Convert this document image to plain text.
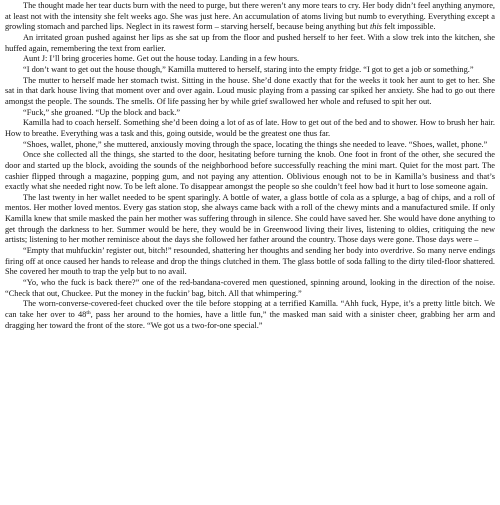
The thought made her tear ducts burn with the need to purge, but there weren’t any more tears to cry. Her body didn’t feel anything anymore, at least not with the intensity she felt weeks ago. She was just here. An accumulation of atoms living but numb to everything. Everything except a growling stomach and parched lips. Neglect in its rawest form – starving herself, because being anything but this felt impossible.

An irritated groan pushed against her lips as she sat up from the floor and pushed herself to her feet. With a slow trek into the kitchen, she huffed again, remembering the text from earlier.

Aunt J: I’ll bring groceries home. Get out the house today. Landing in a few hours.

“I don’t want to get out the house though,” Kamilla muttered to herself, staring into the empty fridge. “I got to get a job or something.”

The mutter to herself made her stomach twist. Sitting in the house. She’d done exactly that for the weeks it took her aunt to get to her. She sat in that dark house living that moment over and over again. Loud music playing from a passing car spiked her anxiety. She had to go out there amongst the people. The sounds. The smells. Of life passing her by while grief swallowed her whole and refused to spit her out.

“Fuck,” she groaned. “Up the block and back.”

Kamilla had to coach herself. Something she’d been doing a lot of as of late. How to get out of the bed and to shower. How to brush her hair. How to breathe. Everything was a task and this, going outside, would be the greatest one thus far.

“Shoes, wallet, phone,” she muttered, anxiously moving through the space, locating the things she needed to leave. “Shoes, wallet, phone.”

Once she collected all the things, she started to the door, hesitating before turning the knob. One foot in front of the other, she secured the door and started up the block, avoiding the sounds of the neighborhood before successfully reaching the mini mart. Quiet for the most part. The cashier flipped through a magazine, popping gum, and not paying any attention. Oblivious enough not to be in Kamilla’s business and that’s exactly what she needed right now. To be left alone. To disappear amongst the people so she couldn’t feel how bad it hurt to lose someone again.

The last twenty in her wallet needed to be spent sparingly. A bottle of water, a glass bottle of cola as a splurge, a bag of chips, and a roll of mentos. Her mother loved mentos. Every gas station stop, she always came back with a roll of the chewy mints and a manufactured smile. If only Kamilla knew that smile masked the pain her mother was suffering through in silence. She could have saved her. She would have done anything to get through the darkness to her. Summer would be here, they would be in Greenwood living their lives, listening to oldies, critiquing the new artists; listening to her mother reminisce about the days she followed her father around the country. Those days were gone. Those days were –

“Empty that muhfuckin’ register out, bitch!” resounded, shattering her thoughts and sending her body into overdrive. So many nerve endings firing off at once caused her hands to release and drop the things clutched in them. The glass bottle of soda falling to the dirty tiled-floor shattered. She covered her mouth to trap the yelp but to no avail.

“Yo, who the fuck is back there?” one of the red-bandana-covered men questioned, spinning around, looking in the direction of the noise. “Check that out, Chuckee. Put the money in the fuckin’ bag, bitch. All that whimpering.”

The worn-converse-covered-feet chucked over the tile before stopping at a terrified Kamilla. “Ahh fuck, Hype, it’s a pretty little bitch. We can take her over to 48th, pass her around to the homies, have a little fun,” the masked man said with a sinister cheer, grabbing her arm and dragging her toward the front of the store. “We got us a two-for-one special.”
